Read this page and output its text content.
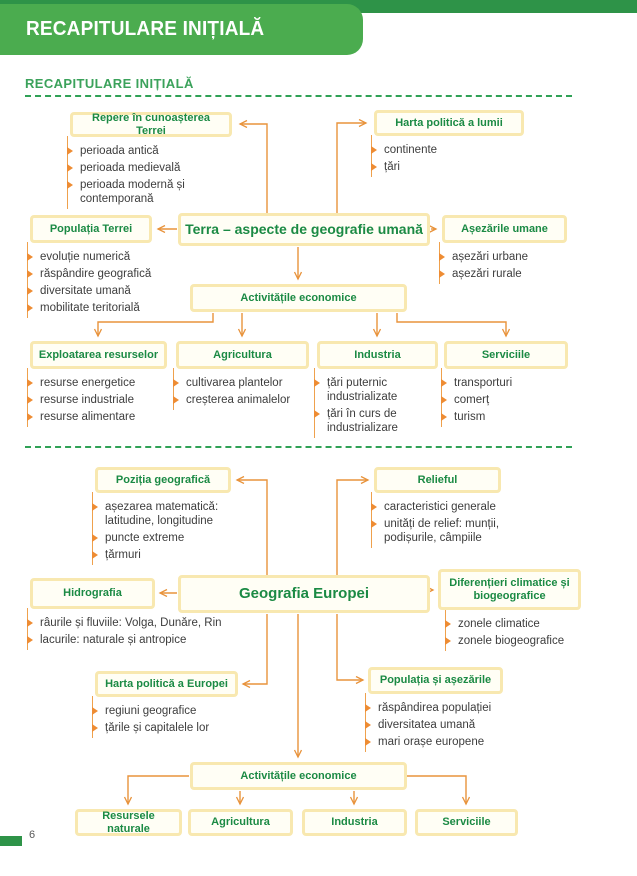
RECAPITULARE INIȚIALĂ
RECAPITULARE INIȚIALĂ
Repere în cunoașterea Terrei
perioada antică
perioada medievală
perioada modernă și contemporană
Harta politică a lumii
continente
țări
Terra – aspecte de geografie umană
Populația Terrei
evoluție numerică
răspândire geografică
diversitate umană
mobilitate teritorială
Așezările umane
așezări urbane
așezări rurale
Activitățile economice
Exploatarea resurselor
resurse energetice
resurse industriale
resurse alimentare
Agricultura
cultivarea plantelor
creșterea animalelor
Industria
țări puternic industrializate
țări în curs de industrializare
Serviciile
transporturi
comerț
turism
Poziția geografică
așezarea matematică: latitudine, longitudine
puncte extreme
țărmuri
Relieful
caracteristici generale
unități de relief: munții, podișurile, câmpiile
Geografia Europei
Hidrografia
râurile și fluviile: Volga, Dunăre, Rin
lacurile: naturale și antropice
Diferențieri climatice și biogeografice
zonele climatice
zonele biogeografice
Harta politică a Europei
regiuni geografice
țările și capitalele lor
Populația și așezările
răspândirea populației
diversitatea umană
mari orașe europene
Activitățile economice
Resursele naturale
Agricultura	Industria	Serviciile
6
